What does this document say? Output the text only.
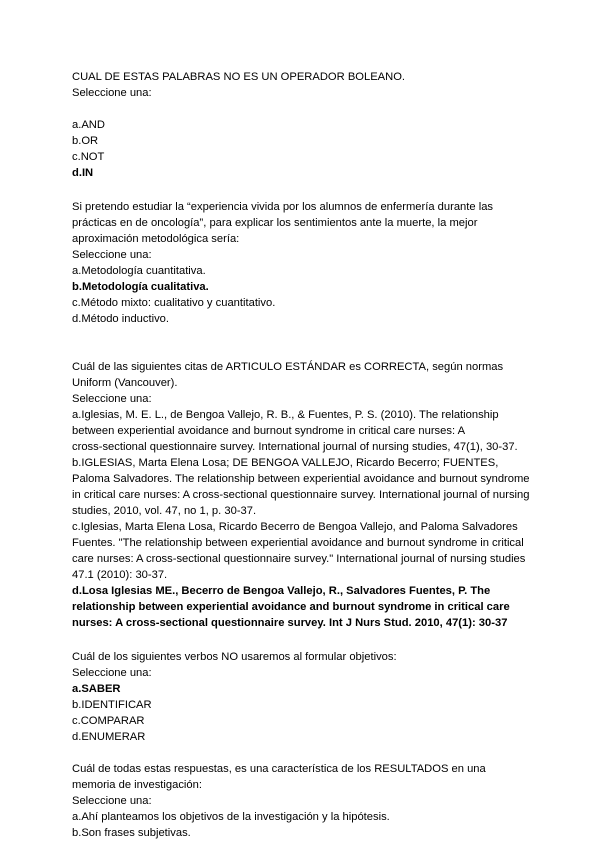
CUAL DE ESTAS PALABRAS NO ES UN OPERADOR BOLEANO.
Seleccione una:
a.AND
b.OR
c.NOT
d.IN
Si pretendo estudiar la “experiencia vivida por los alumnos de enfermería durante las
prácticas en de oncología”, para explicar los sentimientos ante la muerte, la mejor
aproximación metodológica sería:
Seleccione una:
a.Metodología cuantitativa.
b.Metodología cualitativa.
c.Método mixto: cualitativo y cuantitativo.
d.Método inductivo.
Cuál de las siguientes citas de ARTICULO ESTÁNDAR es CORRECTA, según normas
Uniform (Vancouver).
Seleccione una:
a.Iglesias, M. E. L., de Bengoa Vallejo, R. B., & Fuentes, P. S. (2010). The relationship
between experiential avoidance and burnout syndrome in critical care nurses: A
cross-sectional questionnaire survey. International journal of nursing studies, 47(1), 30-37.
b.IGLESIAS, Marta Elena Losa; DE BENGOA VALLEJO, Ricardo Becerro; FUENTES,
Paloma Salvadores. The relationship between experiential avoidance and burnout syndrome
in critical care nurses: A cross-sectional questionnaire survey. International journal of nursing
studies, 2010, vol. 47, no 1, p. 30-37.
c.Iglesias, Marta Elena Losa, Ricardo Becerro de Bengoa Vallejo, and Paloma Salvadores
Fuentes. "The relationship between experiential avoidance and burnout syndrome in critical
care nurses: A cross-sectional questionnaire survey." International journal of nursing studies
47.1 (2010): 30-37.
d.Losa Iglesias ME., Becerro de Bengoa Vallejo, R., Salvadores Fuentes, P. The
relationship between experiential avoidance and burnout syndrome in critical care
nurses: A cross-sectional questionnaire survey. Int J Nurs Stud. 2010, 47(1): 30-37
Cuál de los siguientes verbos NO usaremos al formular objetivos:
Seleccione una:
a.SABER
b.IDENTIFICAR
c.COMPARAR
d.ENUMERAR
Cuál de todas estas respuestas, es una característica de los RESULTADOS en una
memoria de investigación:
Seleccione una:
a.Ahí planteamos los objetivos de la investigación y la hipótesis.
b.Son frases subjetivas.
